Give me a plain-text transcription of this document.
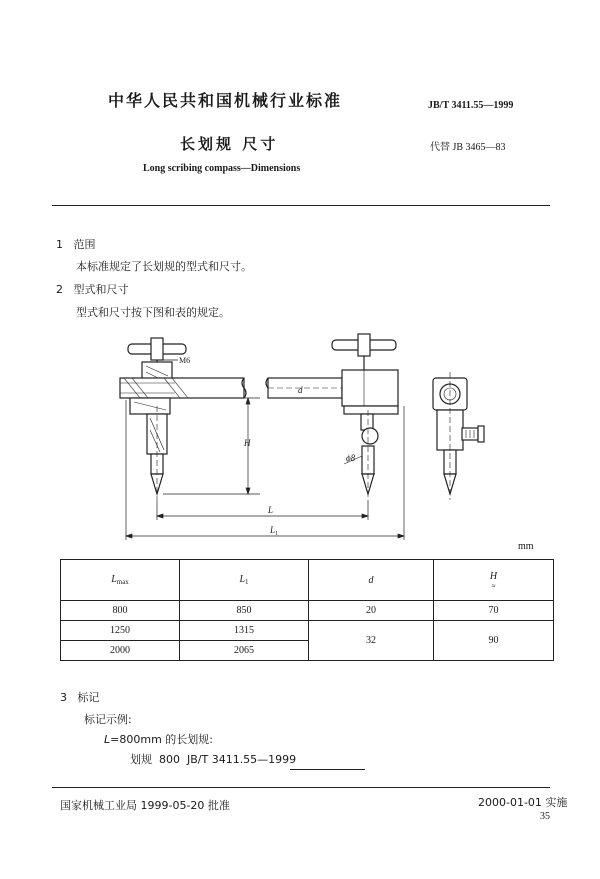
中华人民共和国机械行业标准	JB/T 3411.55—1999
长划规 尺寸	代替 JB 3465—83
Long scribing compass—Dimensions
1 范围
本标准规定了长划规的型式和尺寸。
2 型式和尺寸
型式和尺寸按下图和表的规定。
M6
d
ϕ8
H
L
$L_1$
mm
$L_{max}$	$L_1$	d	H
≈

800	850	20	70
1250	1315	32	90
2000	2065		
3 标记
标记示例:
L=800mm 的长划规:
划规  800  JB/T 3411.55—1999
国家机械工业局 1999-05-20 批准	2000-01-01 实施
35
